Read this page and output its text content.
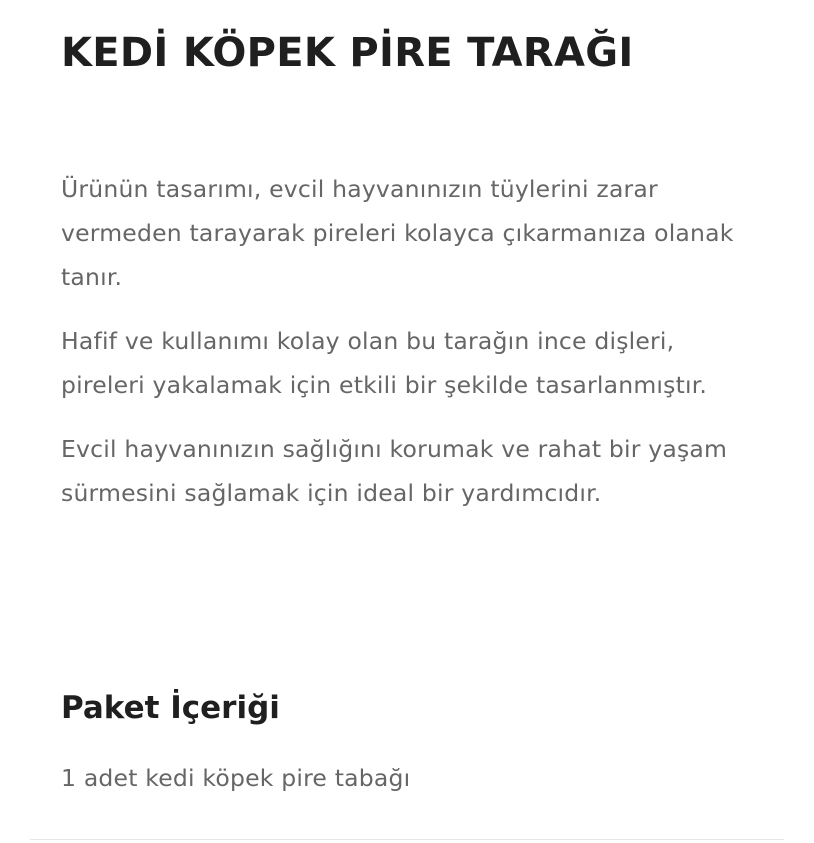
KEDİ KÖPEK PİRE TARAĞI

Ürünün tasarımı, evcil hayvanınızın tüylerini zarar vermeden tarayarak pireleri kolayca çıkarmanıza olanak tanır.

Hafif ve kullanımı kolay olan bu tarağın ince dişleri, pireleri yakalamak için etkili bir şekilde tasarlanmıştır.

Evcil hayvanınızın sağlığını korumak ve rahat bir yaşam sürmesini sağlamak için ideal bir yardımcıdır.

Paket İçeriği

1 adet kedi köpek pire tabağı
